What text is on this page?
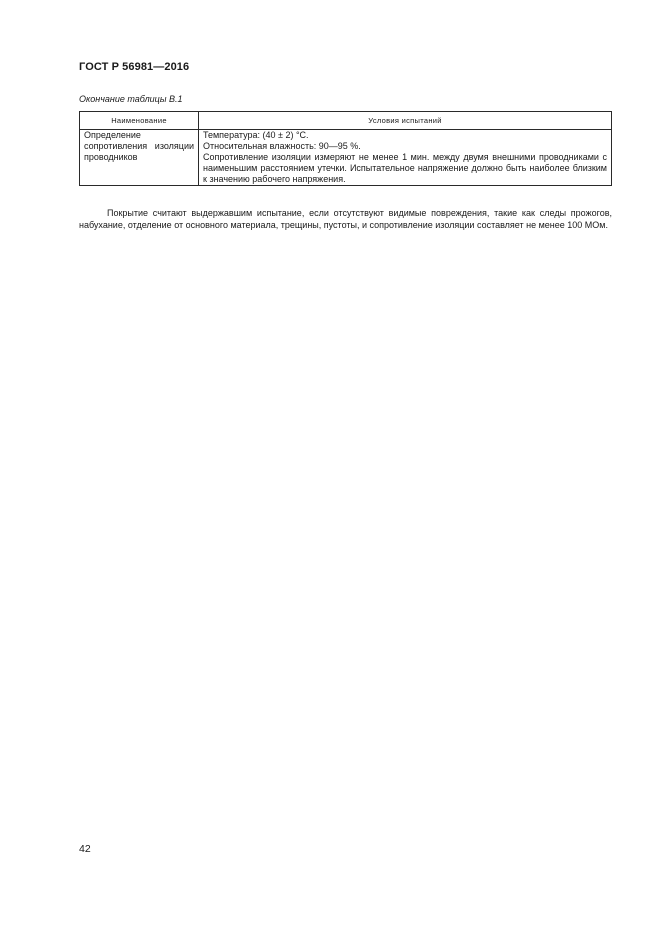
ГОСТ Р 56981—2016
Окончание таблицы В.1
Наименование	Условия испытаний
Определение сопротивления изоляции проводников	Температура: (40 ± 2) °С.

Относительная влажность: 90—95 %.

Сопротивление изоляции измеряют не менее 1 мин. между двумя внешними проводниками с наименьшим расстоянием утечки. Испытательное напряжение должно быть наиболее близким к значению рабочего напряжения.

Покрытие считают выдержавшим испытание, если отсутствуют видимые повреждения, такие как следы прожогов, набухание, отделение от основного материала, трещины, пустоты, и сопротивление изоляции составляет не менее 100 МОм.

42
